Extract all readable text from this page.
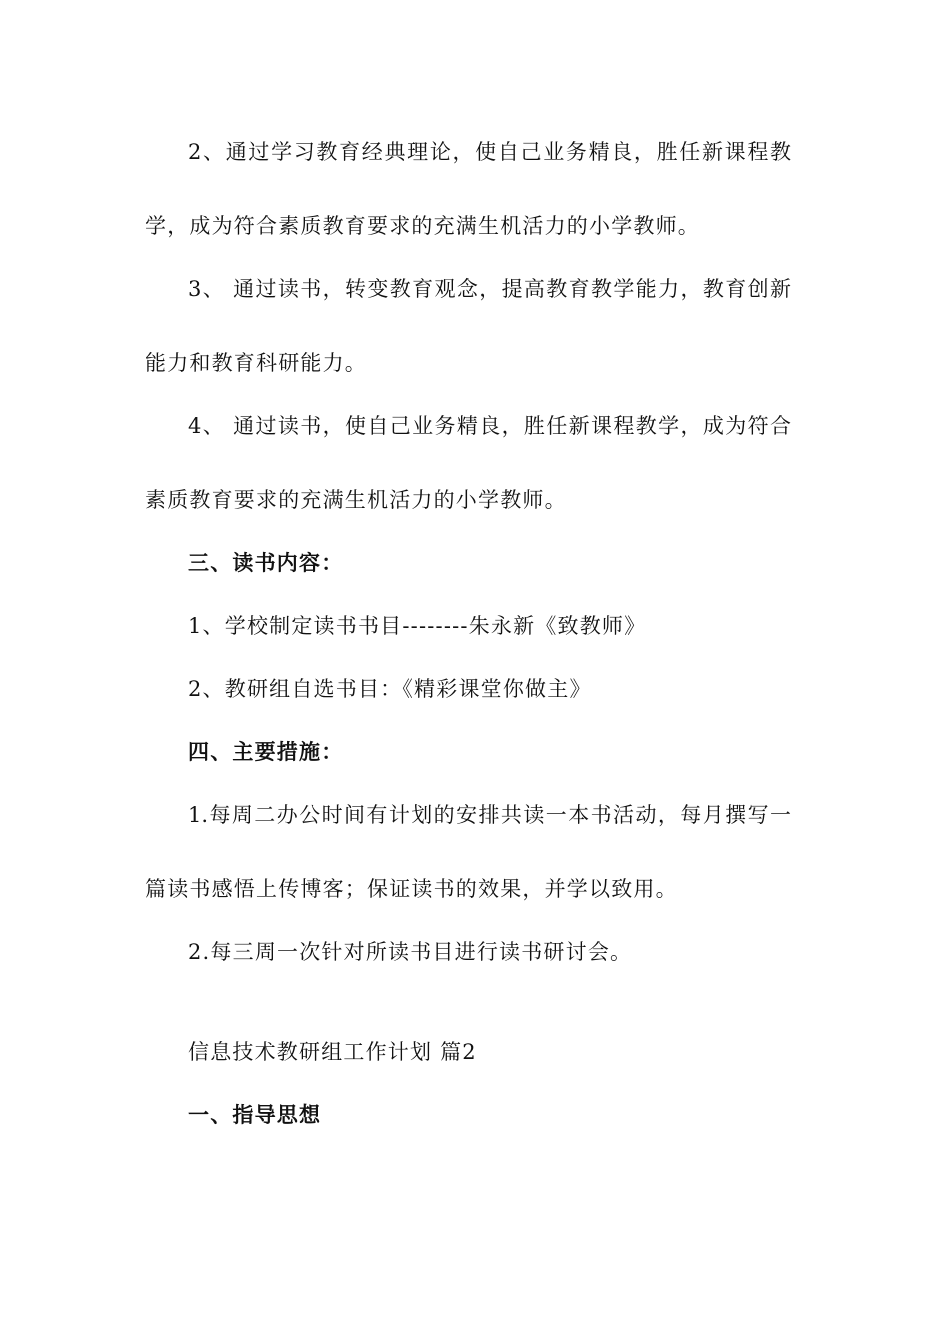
2、通过学习教育经典理论，使自己业务精良，胜任新课程教
学，成为符合素质教育要求的充满生机活力的小学教师。
3、 通过读书，转变教育观念，提高教育教学能力，教育创新
能力和教育科研能力。
4、 通过读书，使自己业务精良，胜任新课程教学，成为符合
素质教育要求的充满生机活力的小学教师。
三、读书内容：
1、学校制定读书书目--------朱永新《致教师》
2、教研组自选书目：《精彩课堂你做主》
四、主要措施：
1.每周二办公时间有计划的安排共读一本书活动，每月撰写一
篇读书感悟上传博客；保证读书的效果，并学以致用。
2.每三周一次针对所读书目进行读书研讨会。
信息技术教研组工作计划 篇2
一、指导思想
